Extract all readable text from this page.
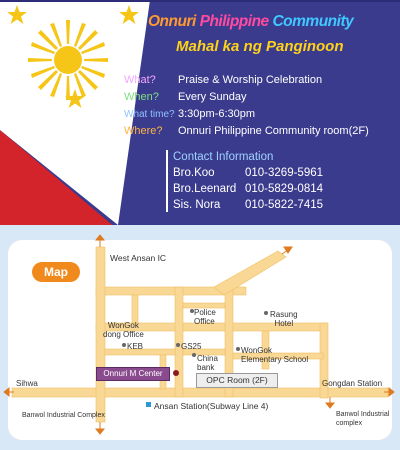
Onnuri Philippine Community
Mahal ka ng Panginoon
What? Praise & Worship Celebration
When? Every Sunday
What time? 3:30pm-6:30pm
Where? Onnuri Philippine Community room(2F)
Contact Information
Bro.Koo	010-3269-5961
Bro.Leenard 010-5829-0814
Sis. Nora 010-5822-7415
Map
West Ansan IC
Police
Office
Rasung
Hotel
WonGok
dong Office
KEB	GS25	WonGok
Elementary School
China
bank
Onnuri M Center
OPC Room (2F)
Sihwa	Gongdan Station
Ansan Station(Subway Line 4)
Banwol Industrial Complex	Banwol Industrial
complex
